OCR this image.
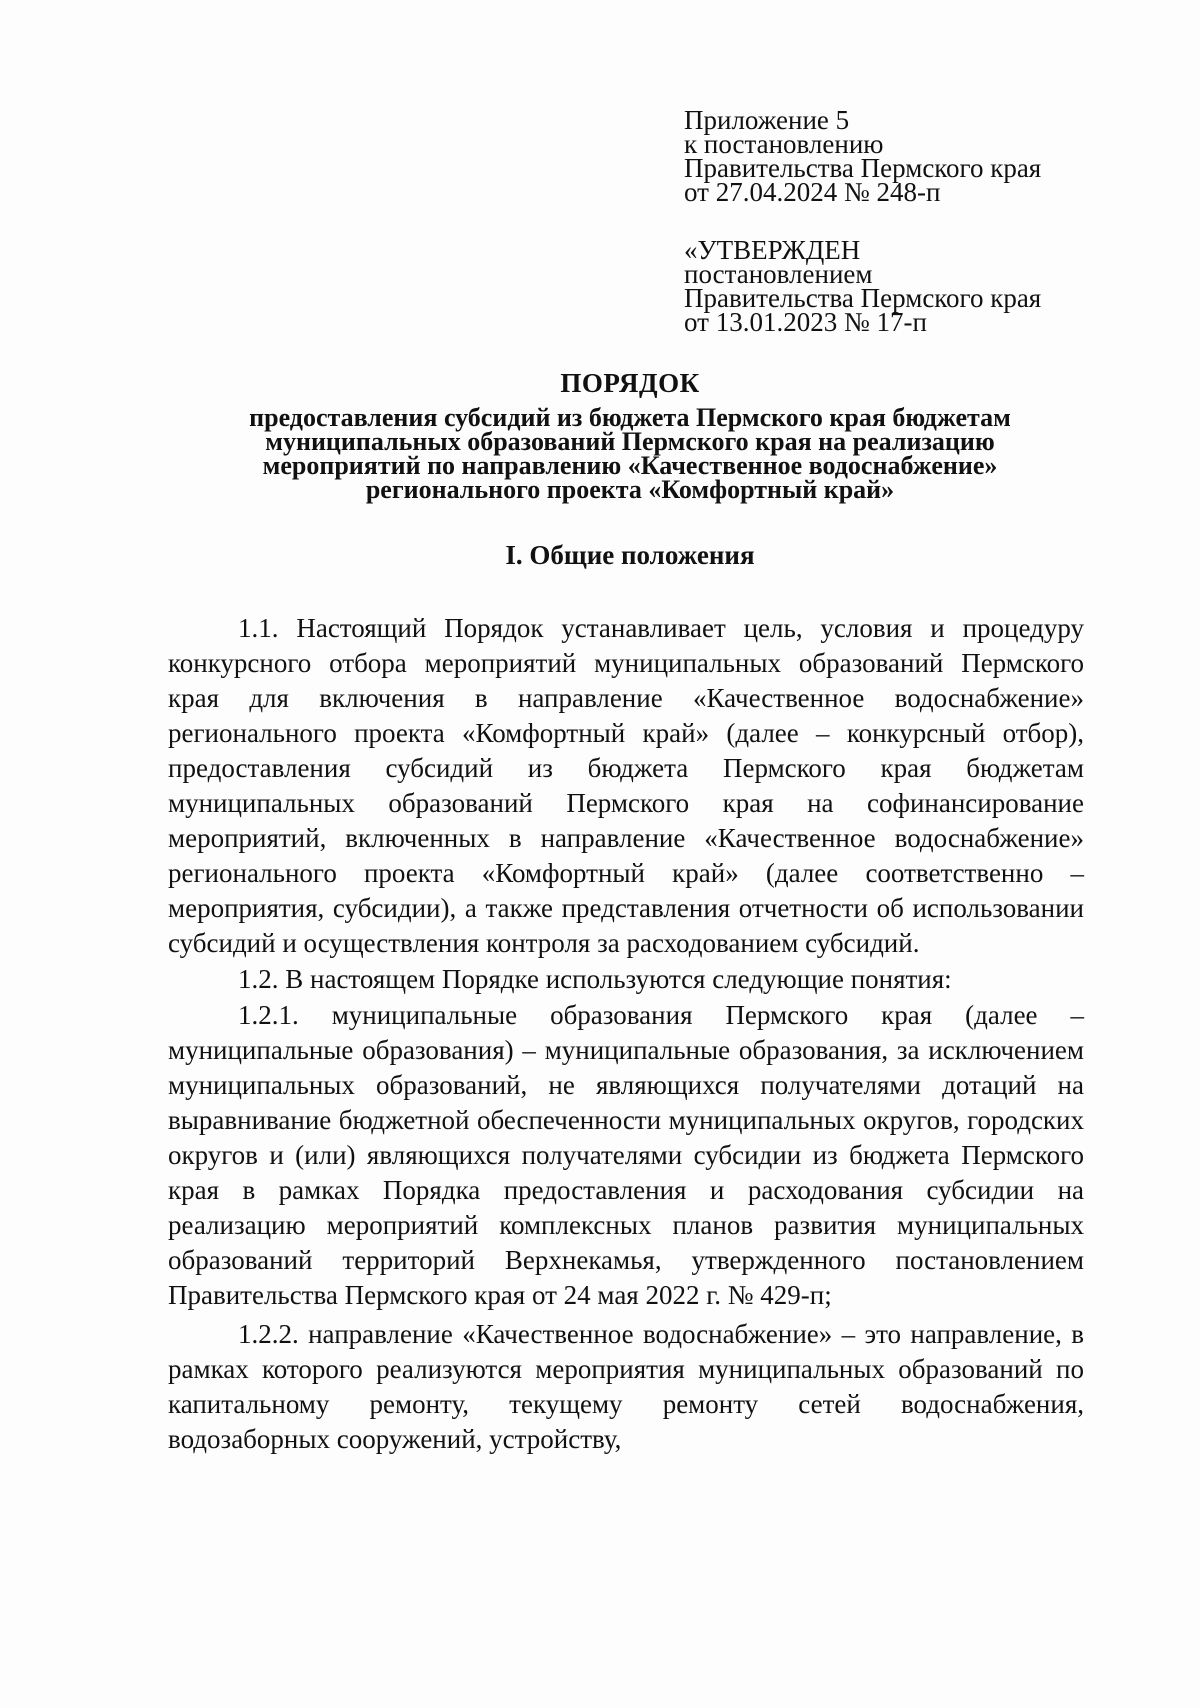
Приложение 5
к постановлению
Правительства Пермского края
от 27.04.2024 № 248-п
«УТВЕРЖДЕН
постановлением
Правительства Пермского края
от 13.01.2023 № 17-п
ПОРЯДОК
предоставления субсидий из бюджета Пермского края бюджетам
муниципальных образований Пермского края на реализацию
мероприятий по направлению «Качественное водоснабжение»
регионального проекта «Комфортный край»
I. Общие положения

1.1. Настоящий Порядок устанавливает цель, условия и процедуру конкурсного отбора мероприятий муниципальных образований Пермского края для включения в направление «Качественное водоснабжение» регионального проекта «Комфортный край» (далее – конкурсный отбор), предоставления субсидий из бюджета Пермского края бюджетам муниципальных образований Пермского края на софинансирование мероприятий, включенных в направление «Качественное водоснабжение» регионального проекта «Комфортный край» (далее соответственно – мероприятия, субсидии), а также представления отчетности об использовании субсидий и осуществления контроля за расходованием субсидий.

1.2. В настоящем Порядке используются следующие понятия:

1.2.1. муниципальные образования Пермского края (далее – муниципальные образования) – муниципальные образования, за исключением муниципальных образований, не являющихся получателями дотаций на выравнивание бюджетной обеспеченности муниципальных округов, городских округов и (или) являющихся получателями субсидии из бюджета Пермского края в рамках Порядка предоставления и расходования субсидии на реализацию мероприятий комплексных планов развития муниципальных образований территорий Верхнекамья, утвержденного постановлением Правительства Пермского края от 24 мая 2022 г. № 429-п;

1.2.2. направление «Качественное водоснабжение» – это направление, в рамках которого реализуются мероприятия муниципальных образований по капитальному ремонту, текущему ремонту сетей водоснабжения, водозаборных сооружений, устройству,
